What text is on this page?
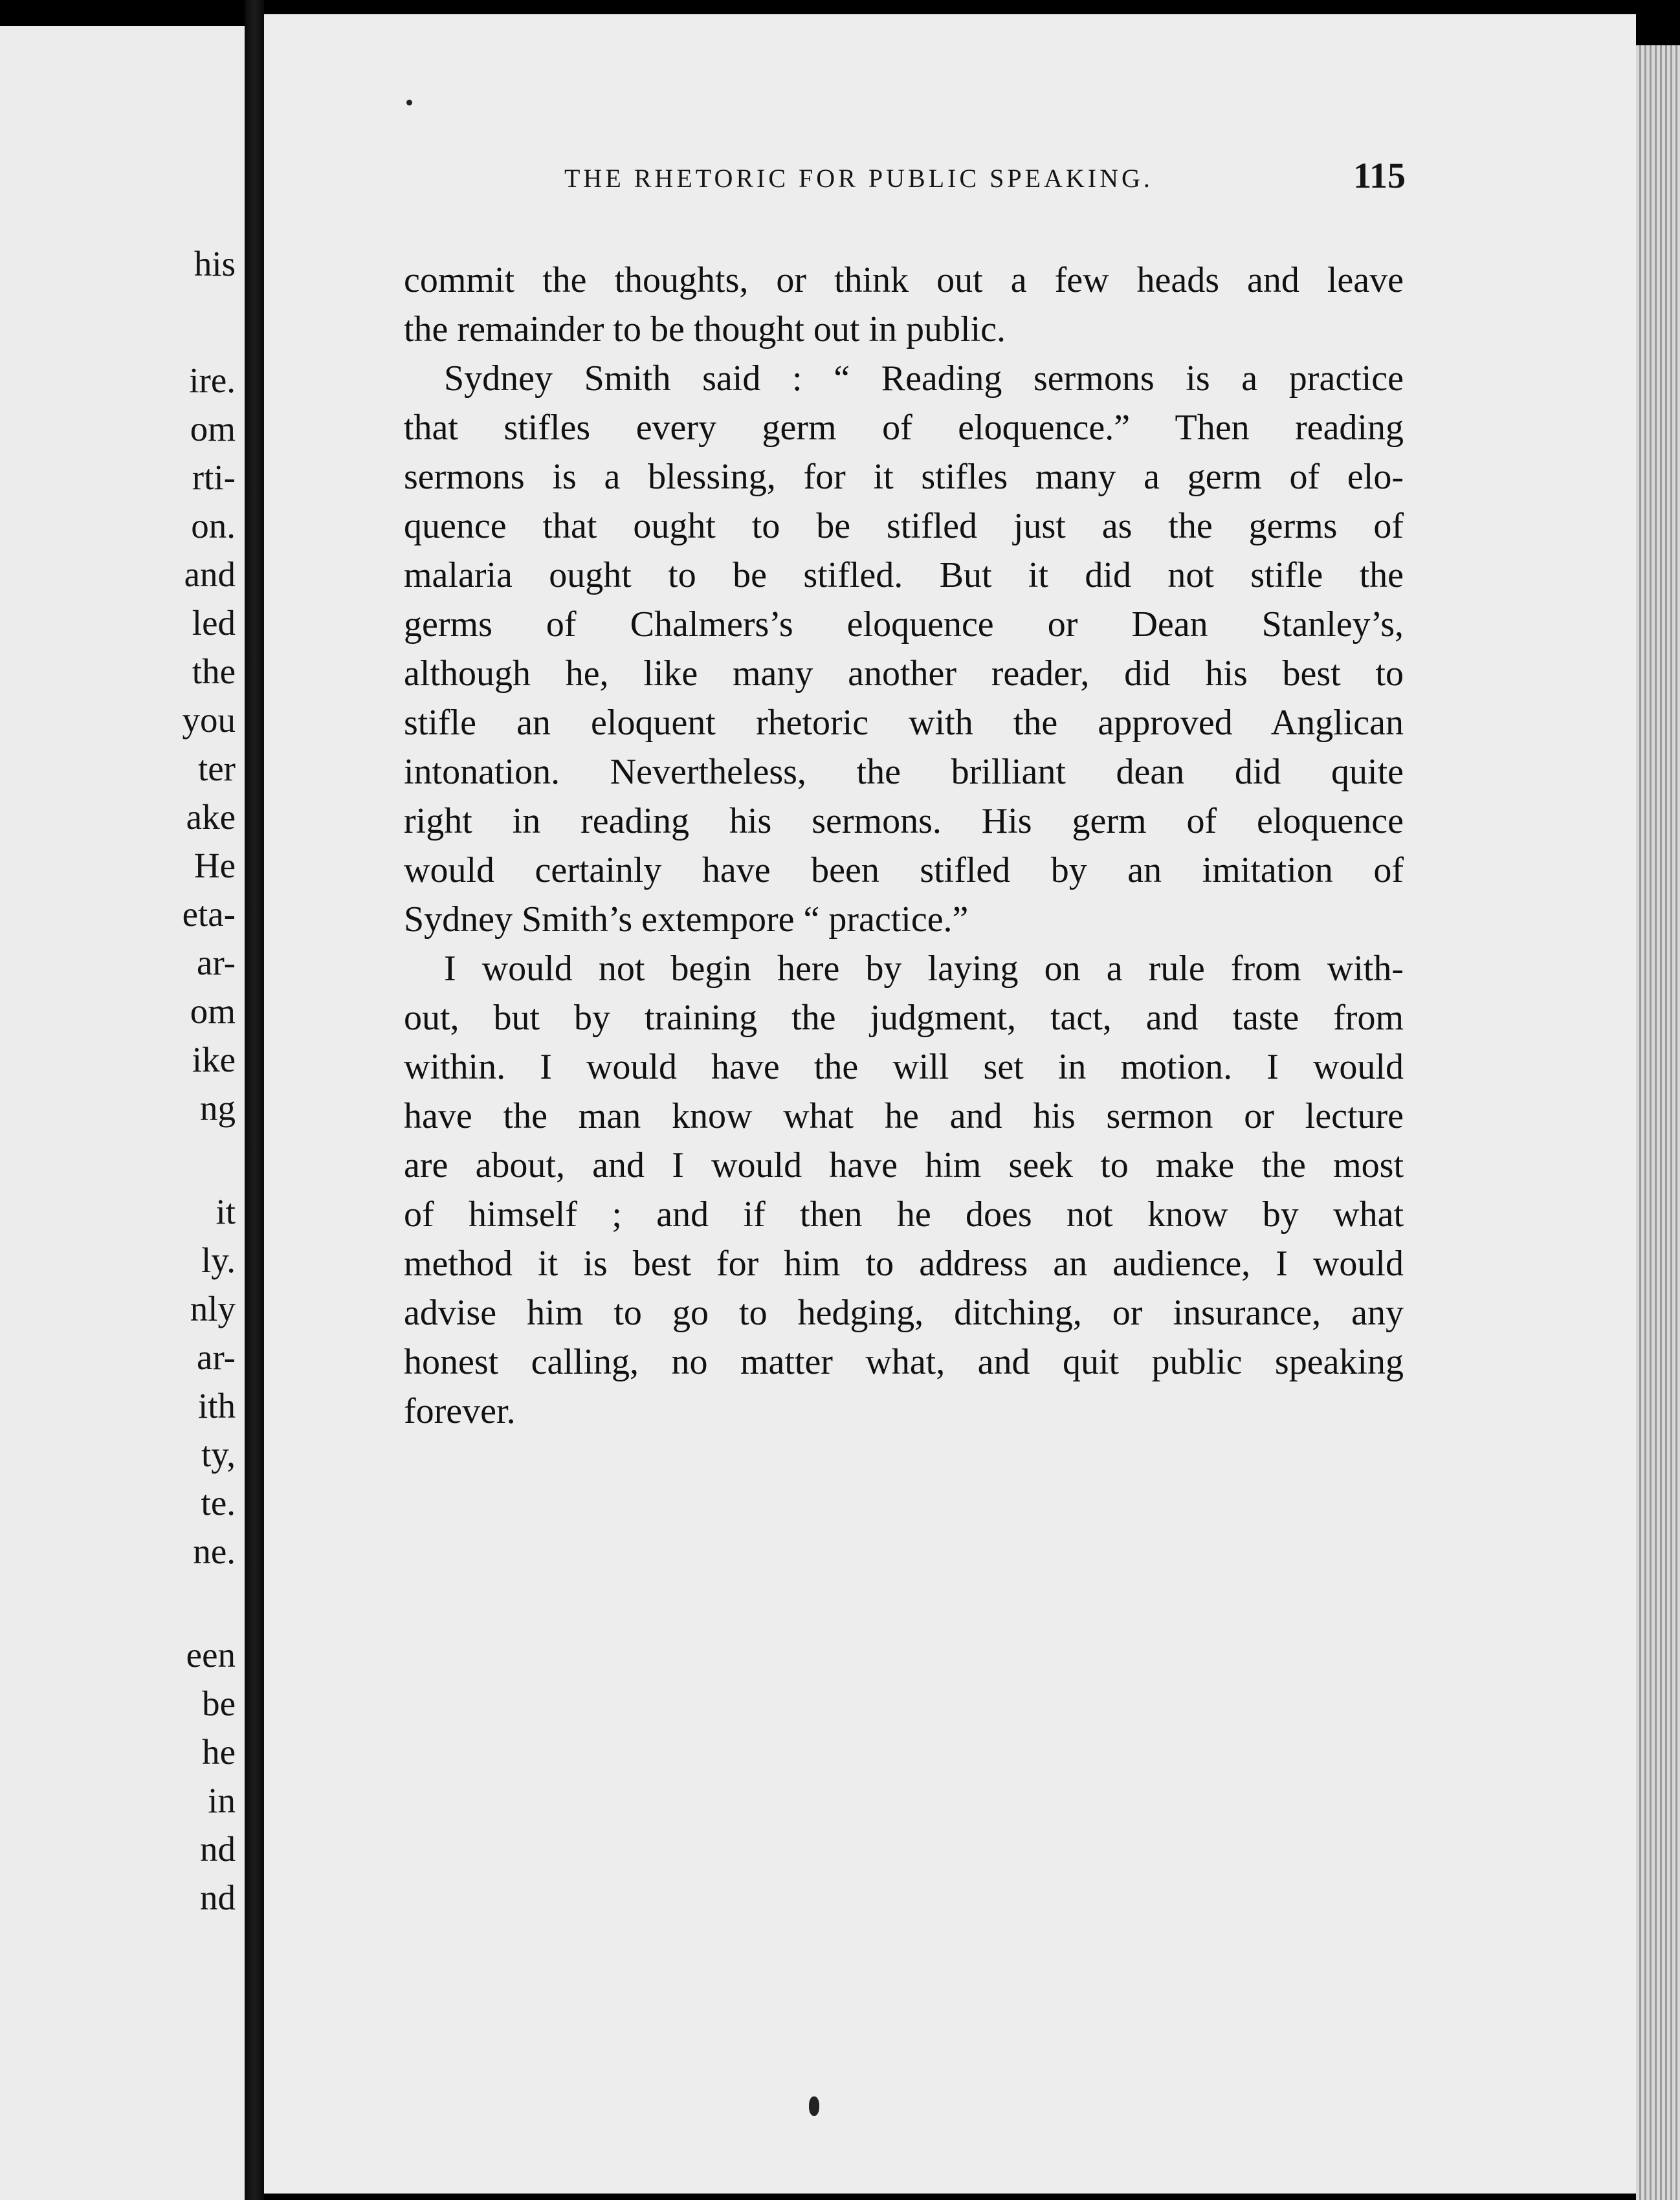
his
ire.
om
rti-
on.
and
led
the
you
ter
ake
He
eta-
ar-
om
ike
ng
it
ly.
nly
ar-
ith
ty,
te.
ne.
een
be
he
in
nd
nd
THE RHETORIC FOR PUBLIC SPEAKING.	115
commit the thoughts, or think out a few heads and leave
the remainder to be thought out in public.
Sydney Smith said : “ Reading sermons is a practice
that stifles every germ of eloquence.” Then reading
sermons is a blessing, for it stifles many a germ of elo-
quence that ought to be stifled just as the germs of
malaria ought to be stifled. But it did not stifle the
germs of Chalmers’s eloquence or Dean Stanley’s,
although he, like many another reader, did his best to
stifle an eloquent rhetoric with the approved Anglican
intonation. Nevertheless, the brilliant dean did quite
right in reading his sermons. His germ of eloquence
would certainly have been stifled by an imitation of
Sydney Smith’s extempore “ practice.”
I would not begin here by laying on a rule from with-
out, but by training the judgment, tact, and taste from
within. I would have the will set in motion. I would
have the man know what he and his sermon or lecture
are about, and I would have him seek to make the most
of himself ; and if then he does not know by what
method it is best for him to address an audience, I would
advise him to go to hedging, ditching, or insurance, any
honest calling, no matter what, and quit public speaking
forever.
